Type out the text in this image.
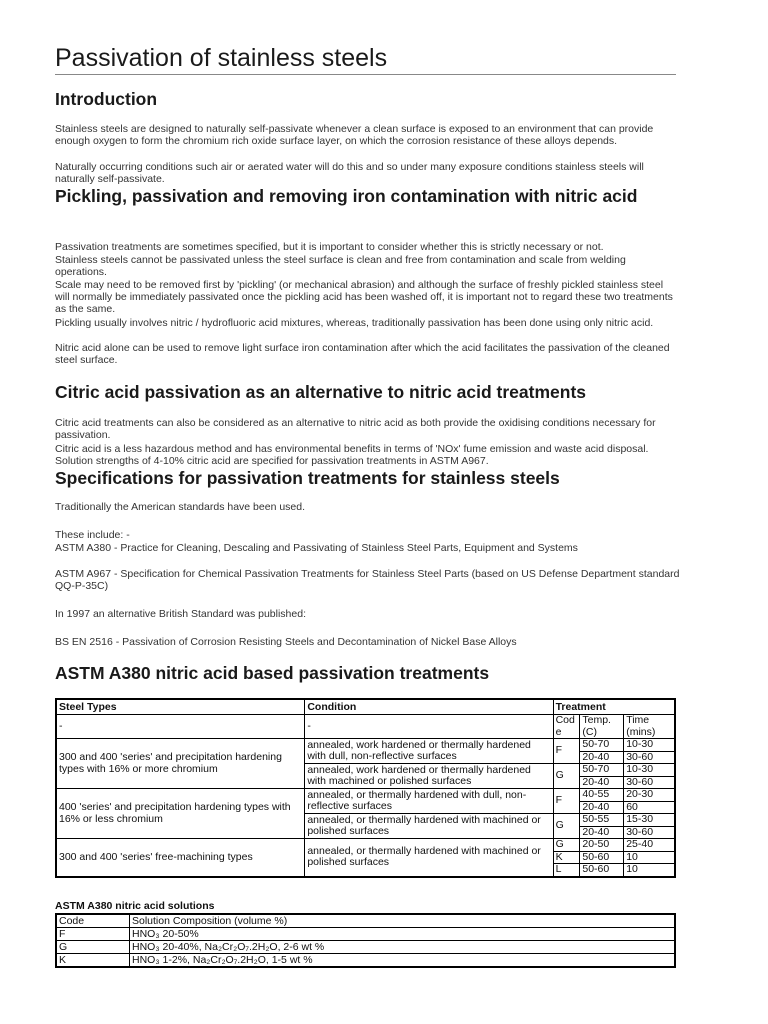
Passivation of stainless steels
Introduction
Stainless steels are designed to naturally self-passivate whenever a clean surface is exposed to an environment that can provide enough oxygen to form the chromium rich oxide surface layer, on which the corrosion resistance of these alloys depends.
Naturally occurring conditions such air or aerated water will do this and so under many exposure conditions stainless steels will naturally self-passivate.
Pickling, passivation and removing iron contamination with nitric acid
Passivation treatments are sometimes specified, but it is important to consider whether this is strictly necessary or not.
Stainless steels cannot be passivated unless the steel surface is clean and free from contamination and scale from welding operations.
Scale may need to be removed first by 'pickling' (or mechanical abrasion) and although the surface of freshly pickled stainless steel will normally be immediately passivated once the pickling acid has been washed off, it is important not to regard these two treatments as the same.
Pickling usually involves nitric / hydrofluoric acid mixtures, whereas, traditionally passivation has been done using only nitric acid.
Nitric acid alone can be used to remove light surface iron contamination after which the acid facilitates the passivation of the cleaned steel surface.
Citric acid passivation as an alternative to nitric acid treatments
Citric acid treatments can also be considered as an alternative to nitric acid as both provide the oxidising conditions necessary for passivation.
Citric acid is a less hazardous method and has environmental benefits in terms of 'NOx' fume emission and waste acid disposal. Solution strengths of 4-10% citric acid are specified for passivation treatments in ASTM A967.
Specifications for passivation treatments for stainless steels
Traditionally the American standards have been used.
These include: -
ASTM A380 - Practice for Cleaning, Descaling and Passivating of Stainless Steel Parts, Equipment and Systems
ASTM A967 - Specification for Chemical Passivation Treatments for Stainless Steel Parts (based on US Defense Department standard QQ-P-35C)
In 1997 an alternative British Standard was published:
BS EN 2516 - Passivation of Corrosion Resisting Steels and Decontamination of Nickel Base Alloys
ASTM A380 nitric acid based passivation treatments
Steel Types	Condition	Treatment		
-	-	Code	Temp. (C)	Time (mins)
300 and 400 'series' and precipitation hardening types with 16% or more chromium	annealed, work hardened or thermally hardened with dull, non-reflective surfaces	F	50-70	10-30
			20-40	30-60
	annealed, work hardened or thermally hardened with machined or polished surfaces	G	50-70	10-30
			20-40	30-60
400 'series' and precipitation hardening types with 16% or less chromium	annealed, or thermally hardened with dull, non-reflective surfaces	F	40-55	20-30
			20-40	60
	annealed, or thermally hardened with machined or polished surfaces	G	50-55	15-30
			20-40	30-60
300 and 400 'series' free-machining types	annealed, or thermally hardened with machined or polished surfaces	G	20-50	25-40
		K	50-60	10
		L	50-60	10
ASTM A380 nitric acid solutions
Code	Solution Composition (volume %)
F	HNO₃ 20-50%
G	HNO₃ 20-40%, Na₂Cr₂O₇.2H₂O, 2-6 wt %
K	HNO₃ 1-2%, Na₂Cr₂O₇.2H₂O, 1-5 wt %
